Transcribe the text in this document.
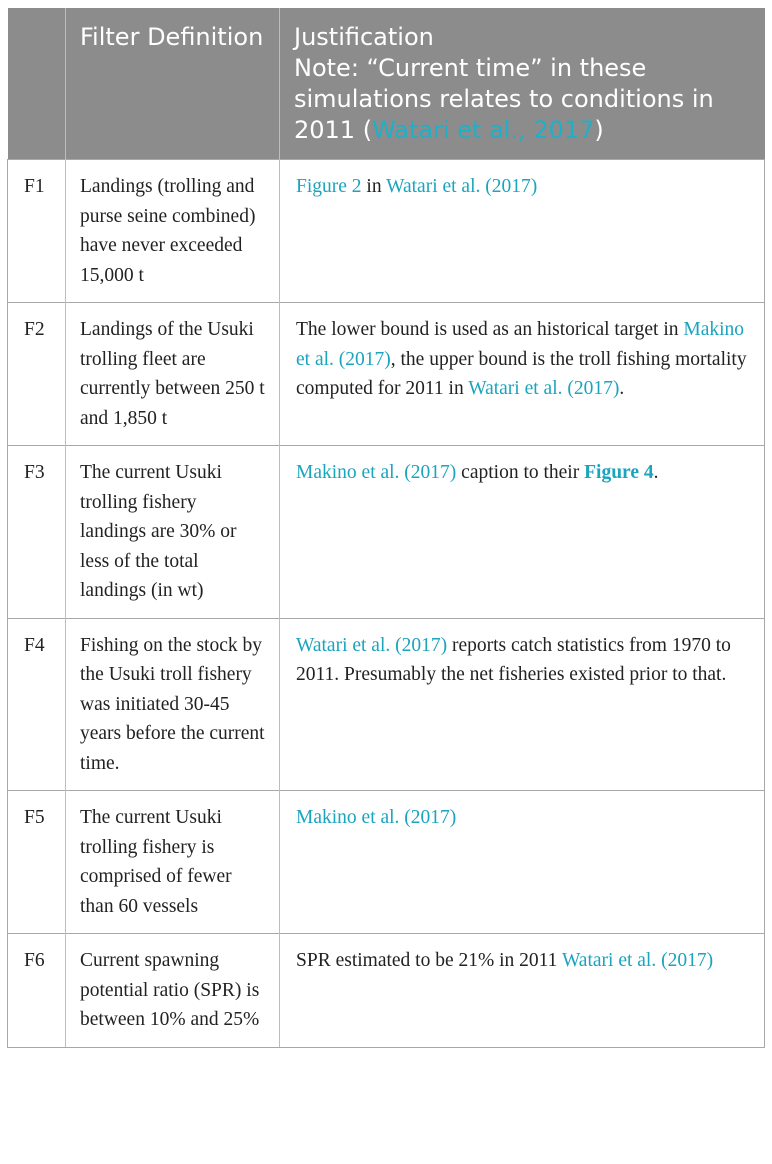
	Filter Definition	Justification
Note: “Current time” in these simulations relates to conditions in 2011 (Watari et al., 2017)
F1	Landings (trolling and purse seine combined) have never exceeded 15,000 t	Figure 2 in Watari et al. (2017)
F2	Landings of the Usuki trolling fleet are currently between 250 t and 1,850 t	The lower bound is used as an historical target in Makino et al. (2017), the upper bound is the troll fishing mortality computed for 2011 in Watari et al. (2017).
F3	The current Usuki trolling fishery landings are 30% or less of the total landings (in wt)	Makino et al. (2017) caption to their Figure 4.
F4	Fishing on the stock by the Usuki troll fishery was initiated 30-45 years before the current time.	Watari et al. (2017) reports catch statistics from 1970 to 2011. Presumably the net fisheries existed prior to that.
F5	The current Usuki trolling fishery is comprised of fewer than 60 vessels	Makino et al. (2017)
F6	Current spawning potential ratio (SPR) is between 10% and 25%	SPR estimated to be 21% in 2011 Watari et al. (2017)
